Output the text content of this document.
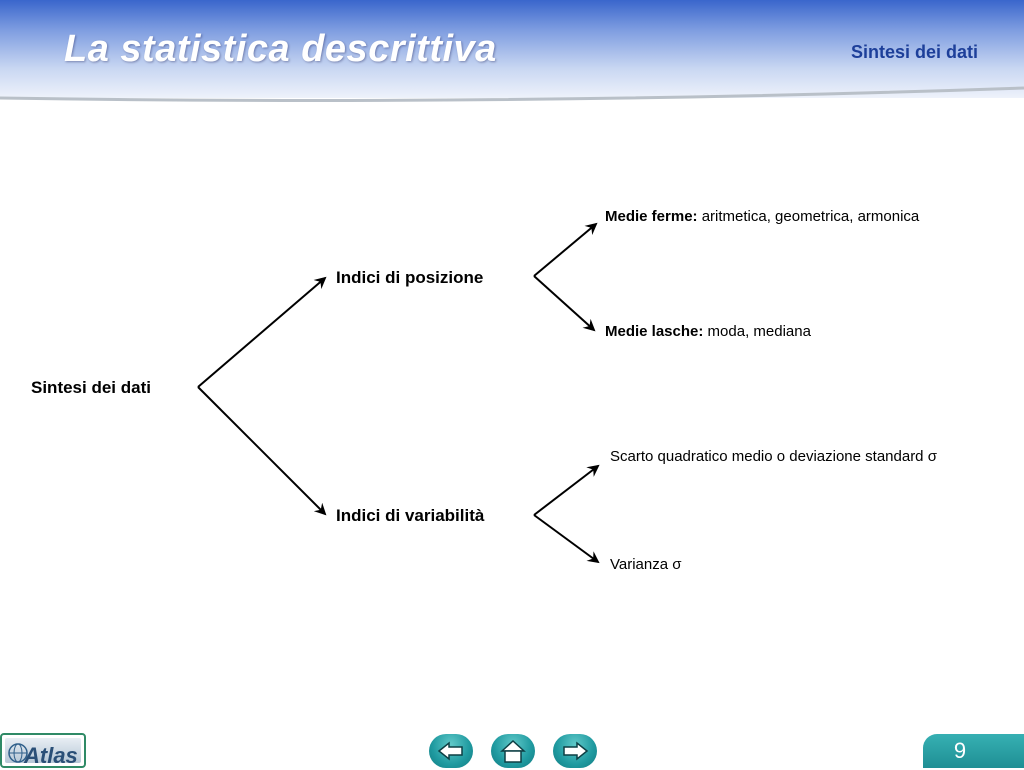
La statistica descrittiva	Sintesi dei dati
Sintesi dei dati
Indici di posizione
Indici di variabilità
Medie ferme: aritmetica, geometrica, armonica
Medie lasche: moda, mediana
Scarto quadratico medio o deviazione standard σ
Varianza σ
Atlas	9
